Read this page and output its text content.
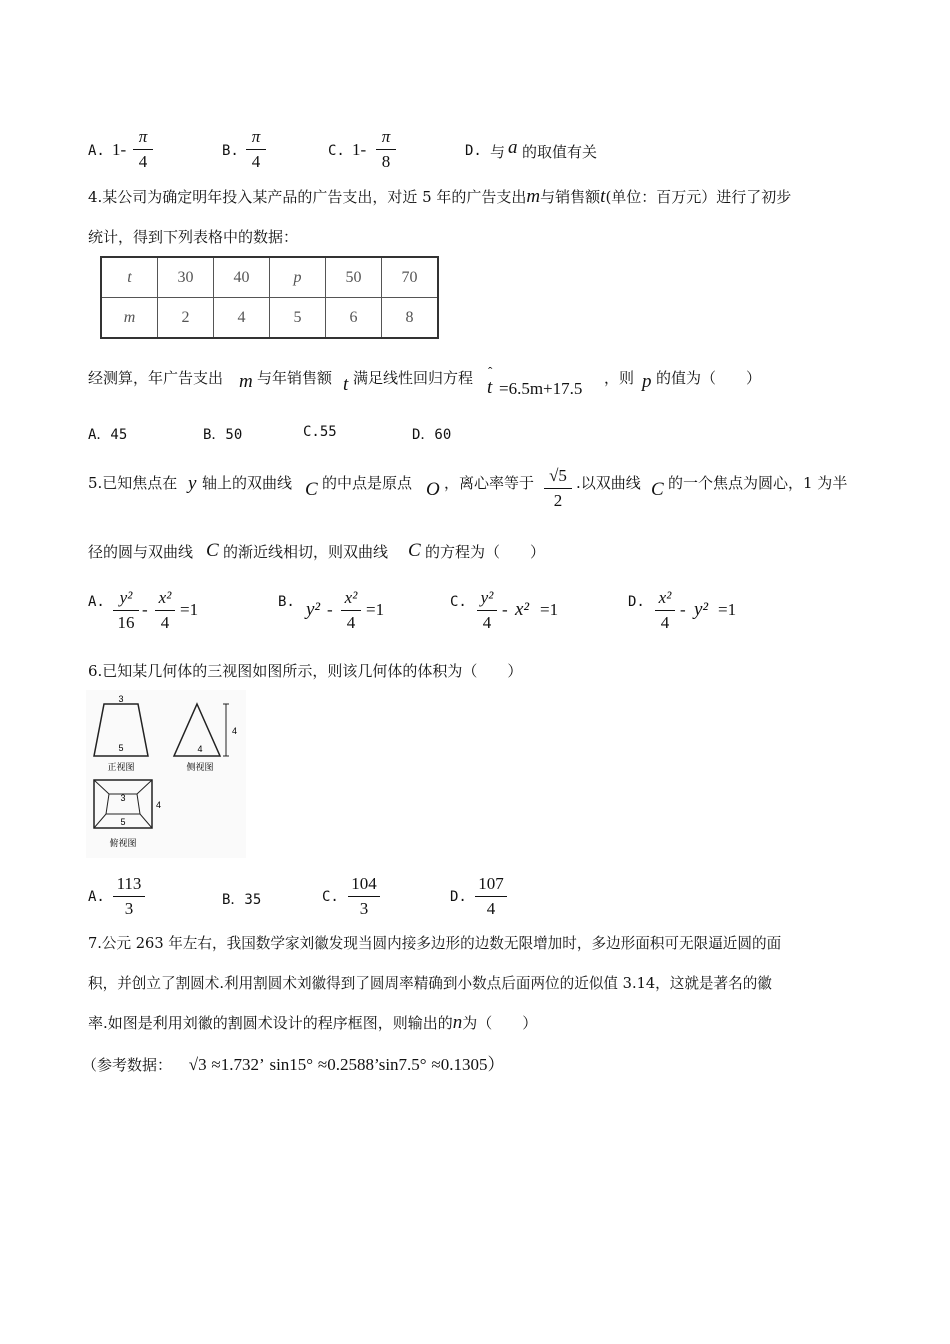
A. 1-
π
4
B.
π
4
C. 1-
π
8
D. 与 a 的取值有关
4.某公司为确定明年投入某产品的广告支出，对近 5 年的广告支出m与销售额t(单位：百万元）进行了初步
统计，得到下列表格中的数据：
t	30	40	p	50	70
m	2	4	5	6	8
经测算，年广告支出 m 与年销售额 t 满足线性回归方程 ˆ
t =6.5m+17.5
，则 p 的值为（　　）
A．45	B．50	C.55	D．60
5.已知焦点在 y 轴上的双曲线 C 的中点是原点 O ，离心率等于 √5
2
.以双曲线 C 的一个焦点为圆心，1 为半
径的圆与双曲线 C 的渐近线相切，则双曲线 C 的方程为（　　）
A. y²
16
-
x²
4
=1	B. y² -
x²
4
=1	C. y²
4
- x² =1	D. x²
4
- y² =1
6.已知某几何体的三视图如图所示，则该几何体的体积为（　　）
3
5
正视图
4
4
侧视图
3
5
4
俯视图
A.
113
3	B．35	C.
104
3
D.
107
4
7.公元 263 年左右，我国数学家刘徽发现当圆内接多边形的边数无限增加时，多边形面积可无限逼近圆的面
积，并创立了割圆术.利用割圆术刘徽得到了圆周率精确到小数点后面两位的近似值 3.14，这就是著名的徽
率.如图是利用刘徽的割圆术设计的程序框图，则输出的n为（　　）
（参考数据： √3 ≈1.732’ sin15° ≈0.2588’sin7.5° ≈0.1305）
